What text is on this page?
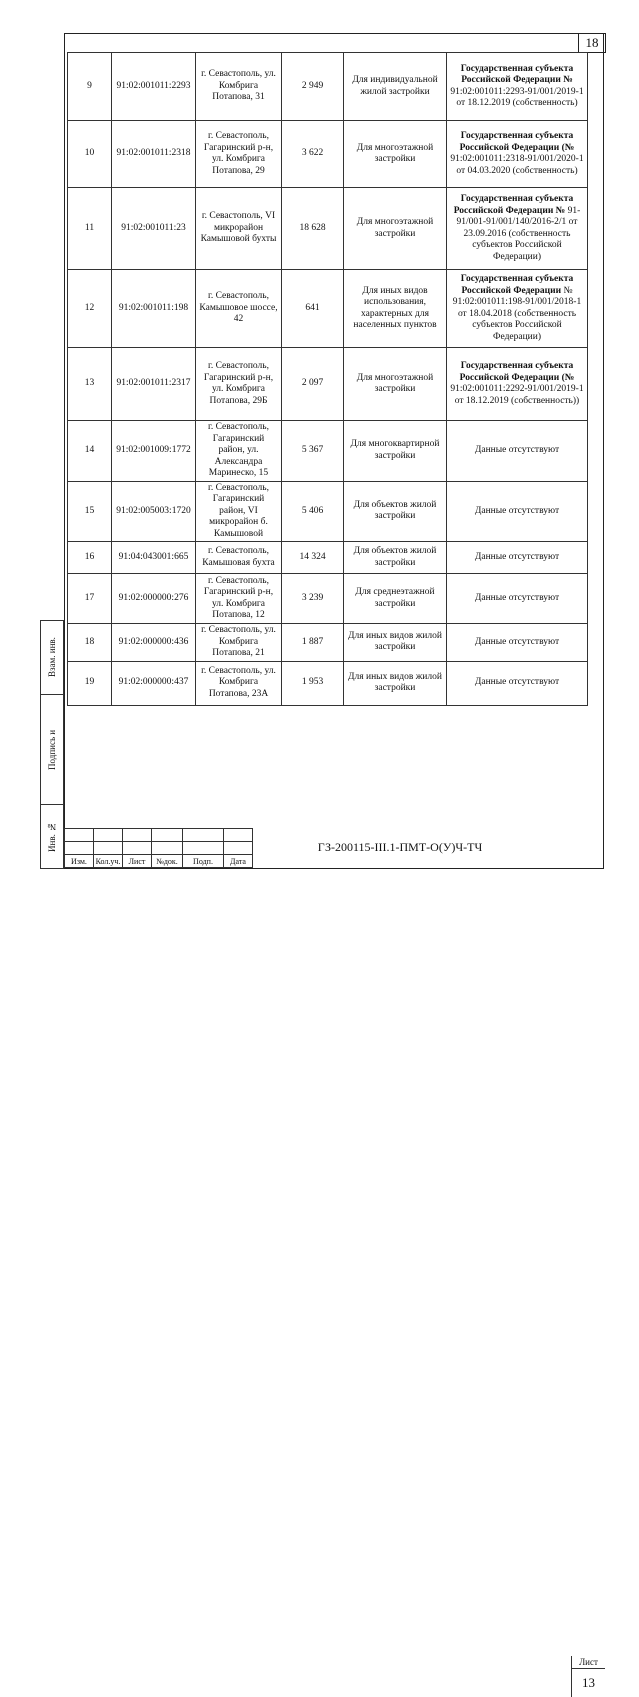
18
9	91:02:001011:2293	г. Севастополь, ул. Комбрига Потапова, 31	2 949	Для индивидуальной жилой застройки	Государственная субъекта Российской Федерации № 91:02:001011:2293-91/001/2019-1 от 18.12.2019 (собственность)
10	91:02:001011:2318	г. Севастополь, Гагаринский р-н, ул. Комбрига Потапова, 29	3 622	Для многоэтажной застройки	Государственная субъекта Российской Федерации (№ 91:02:001011:2318-91/001/2020-1 от 04.03.2020 (собственность)
11	91:02:001011:23	г. Севастополь, VI микрорайон Камышовой бухты	18 628	Для многоэтажной застройки	Государственная субъекта Российской Федерации № 91-91/001-91/001/140/2016-2/1 от 23.09.2016 (собственность субъектов Российской Федерации)
12	91:02:001011:198	г. Севастополь, Камышовое шоссе, 42	641	Для иных видов использования, характерных для населенных пунктов	Государственная субъекта Российской Федерации № 91:02:001011:198-91/001/2018-1 от 18.04.2018 (собственность субъектов Российской Федерации)
13	91:02:001011:2317	г. Севастополь, Гагаринский р-н, ул. Комбрига Потапова, 29Б	2 097	Для многоэтажной застройки	Государственная субъекта Российской Федерации (№ 91:02:001011:2292-91/001/2019-1 от 18.12.2019 (собственность))
14	91:02:001009:1772	г. Севастополь, Гагаринский район, ул. Александра Маринеско, 15	5 367	Для многоквартирной застройки	Данные отсутствуют
15	91:02:005003:1720	г. Севастополь, Гагаринский район, VI микрорайон б. Камышовой	5 406	Для объектов жилой застройки	Данные отсутствуют
16	91:04:043001:665	г. Севастополь, Камышовая бухта	14 324	Для объектов жилой застройки	Данные отсутствуют
17	91:02:000000:276	г. Севастополь, Гагаринский р-н, ул. Комбрига Потапова, 12	3 239	Для среднеэтажной застройки	Данные отсутствуют
18	91:02:000000:436	г. Севастополь, ул. Комбрига Потапова, 21	1 887	Для иных видов жилой застройки	Данные отсутствуют
19	91:02:000000:437	г. Севастополь, ул. Комбрига Потапова, 23А	1 953	Для иных видов жилой застройки	Данные отсутствуют
Взам. инв.
Подпись и
Инв. №

Изм.	Кол.уч.	Лист	№док.	Подп.	Дата
Лист
13
ГЗ-200115-III.1-ПМТ-О(У)Ч-ТЧ
